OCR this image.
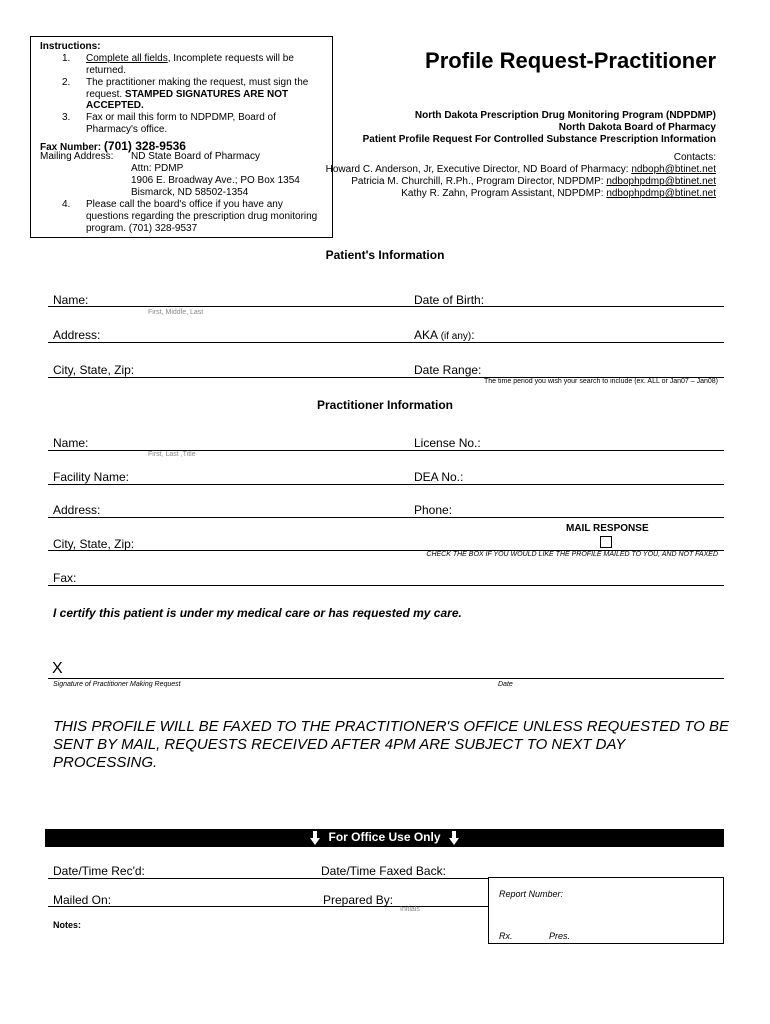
Instructions:
1. Complete all fields, Incomplete requests will be
returned.
2. The practitioner making the request, must sign the
request. STAMPED SIGNATURES ARE NOT
ACCEPTED.
3. Fax or mail this form to NDPDMP, Board of
Pharmacy's office.
Fax Number: (701) 328-9536
Mailing Address: ND State Board of Pharmacy
Attn: PDMP
1906 E. Broadway Ave.; PO Box 1354
Bismarck, ND 58502-1354
4. Please call the board's office if you have any
questions regarding the prescription drug monitoring
program. (701) 328-9537
Profile Request-Practitioner
North Dakota Prescription Drug Monitoring Program (NDPDMP)
North Dakota Board of Pharmacy
Patient Profile Request For Controlled Substance Prescription Information
Contacts:
Howard C. Anderson, Jr, Executive Director, ND Board of Pharmacy: ndboph@btinet.net
Patricia M. Churchill, R.Ph., Program Director, NDPDMP: ndbophpdmp@btinet.net
Kathy R. Zahn, Program Assistant, NDPDMP: ndbophpdmp@btinet.net
Patient's Information
Name:	Date of Birth:
First, Middle, Last
Address:	AKA (if any):
City, State, Zip:	Date Range:
The time period you wish your search to include (ex. ALL or Jan07 – Jan08)
Practitioner Information
Name:	License No.:
First, Last ,Title
Facility Name:	DEA No.:
Address:	Phone:
MAIL RESPONSE
City, State, Zip:
CHECK THE BOX IF YOU WOULD LIKE THE PROFILE MAILED TO YOU, AND NOT FAXED
Fax:
I certify this patient is under my medical care or has requested my care.
X
Signature of Practitioner Making Request	Date
THIS PROFILE WILL BE FAXED TO THE PRACTITIONER'S OFFICE UNLESS REQUESTED TO BE SENT BY MAIL, REQUESTS RECEIVED AFTER 4PM ARE SUBJECT TO NEXT DAY PROCESSING.
For Office Use Only
Date/Time Rec'd:	Date/Time Faxed Back:
Report Number:
Rx.	Pres.
Mailed On:	Prepared By:
Initials
Notes:
